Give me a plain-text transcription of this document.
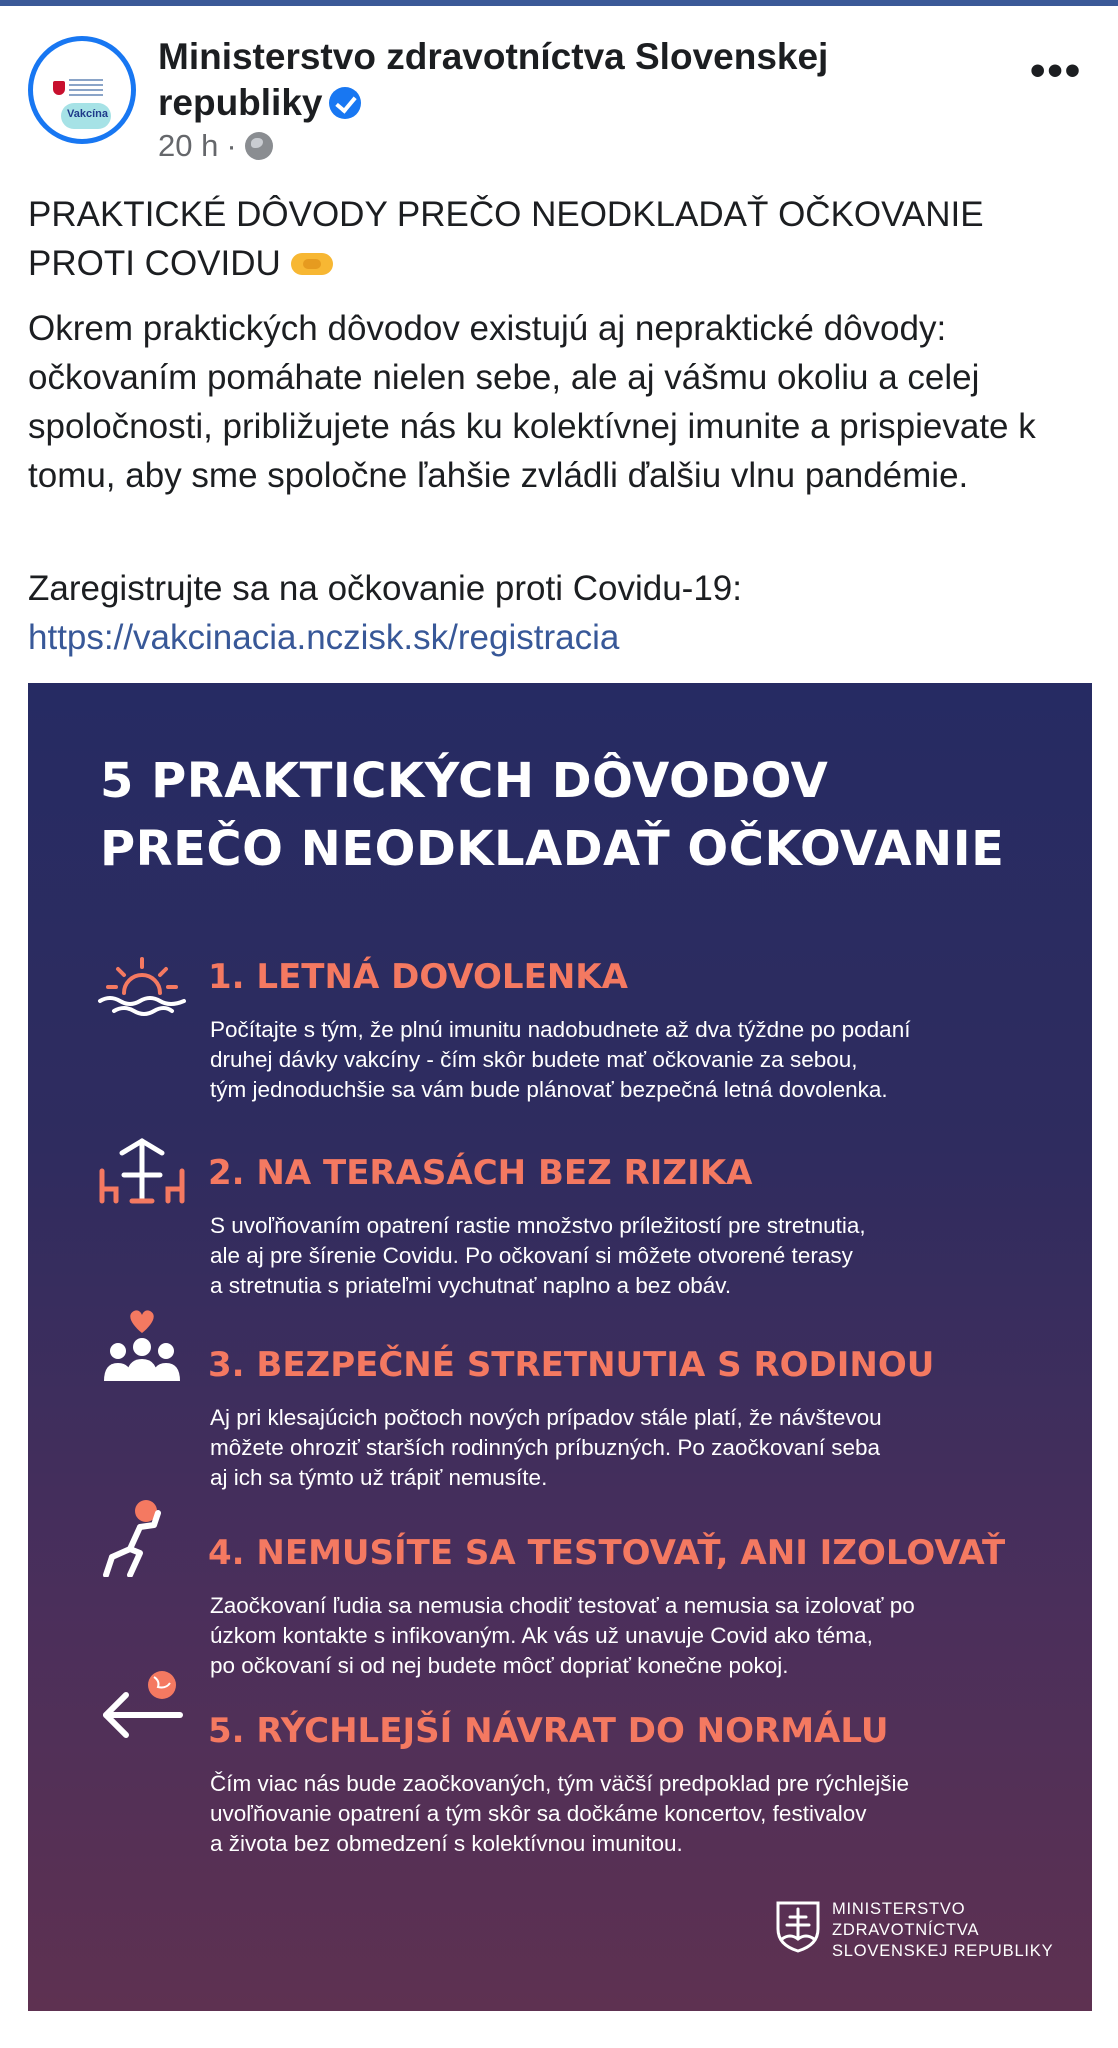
Vakcína
Ministerstvo zdravotníctva Slovenskej republiky
20 h ·
•••
PRAKTICKÉ DÔVODY PREČO NEODKLADAŤ OČKOVANIE PROTI COVIDU
Okrem praktických dôvodov existujú aj nepraktické dôvody: očkovaním pomáhate nielen sebe, ale aj vášmu okoliu a celej spoločnosti, približujete nás ku kolektívnej imunite a prispievate k tomu, aby sme spoločne ľahšie zvládli ďalšiu vlnu pandémie.
Zaregistrujte sa na očkovanie proti Covidu-19:
https://vakcinacia.nczisk.sk/registracia
5 PRAKTICKÝCH DÔVODOV
PREČO NEODKLADAŤ OČKOVANIE
1. LETNÁ DOVOLENKA
Počítajte s tým, že plnú imunitu nadobudnete až dva týždne po podaní
druhej dávky vakcíny - čím skôr budete mať očkovanie za sebou,
tým jednoduchšie sa vám bude plánovať bezpečná letná dovolenka.
2. NA TERASÁCH BEZ RIZIKA
S uvoľňovaním opatrení rastie množstvo príležitostí pre stretnutia,
ale aj pre šírenie Covidu. Po očkovaní si môžete otvorené terasy
a stretnutia s priateľmi vychutnať naplno a bez obáv.
3. BEZPEČNÉ STRETNUTIA S RODINOU
Aj pri klesajúcich počtoch nových prípadov stále platí, že návštevou
môžete ohroziť starších rodinných príbuzných. Po zaočkovaní seba
aj ich sa týmto už trápiť nemusíte.
4. NEMUSÍTE SA TESTOVAŤ, ANI IZOLOVAŤ
Zaočkovaní ľudia sa nemusia chodiť testovať a nemusia sa izolovať po
úzkom kontakte s infikovaným. Ak vás už unavuje Covid ako téma,
po očkovaní si od nej budete môcť dopriať konečne pokoj.
5. RÝCHLEJŠÍ NÁVRAT DO NORMÁLU
Čím viac nás bude zaočkovaných, tým väčší predpoklad pre rýchlejšie
uvoľňovanie opatrení a tým skôr sa dočkáme koncertov, festivalov
a života bez obmedzení s kolektívnou imunitou.
MINISTERSTVO
ZDRAVOTNÍCTVA
SLOVENSKEJ REPUBLIKY
